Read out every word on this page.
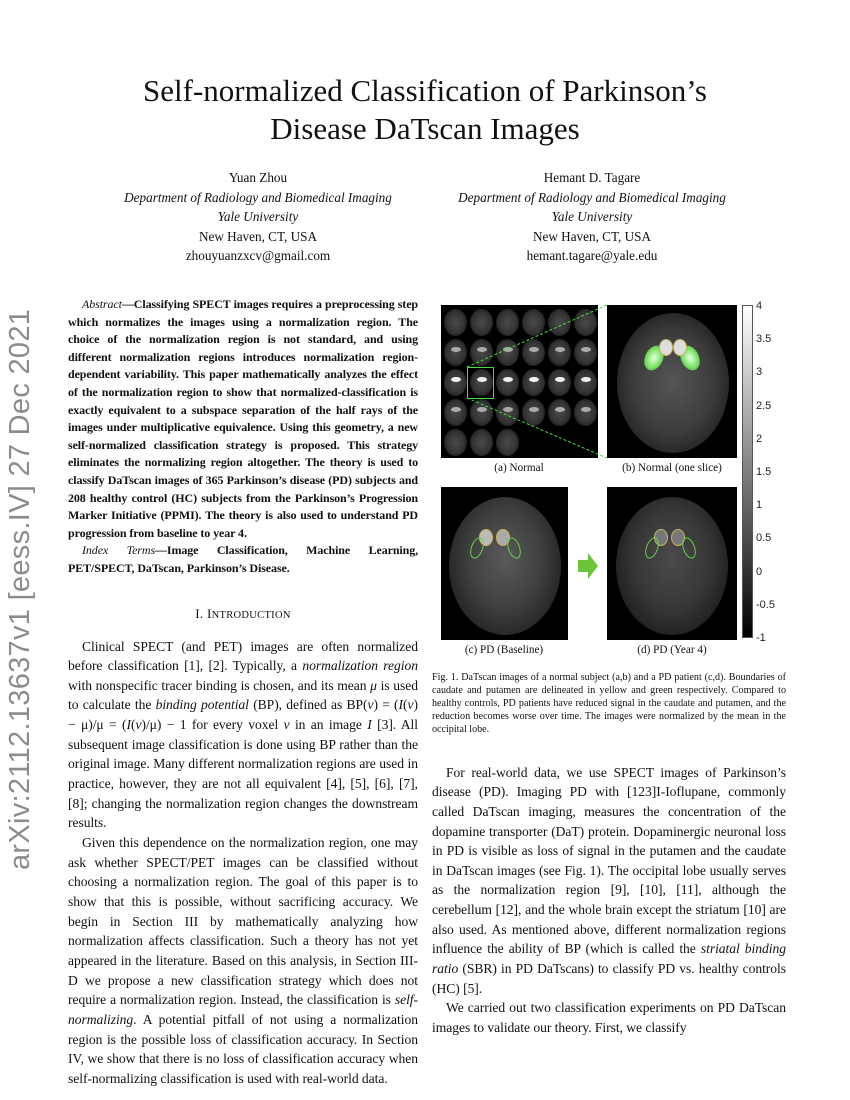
Self-normalized Classification of Parkinson’s
Disease DaTscan Images
arXiv:2112.13637v1 [eess.IV] 27 Dec 2021
Yuan Zhou
Department of Radiology and Biomedical Imaging
Yale University
New Haven, CT, USA
zhouyuanzxcv@gmail.com
Hemant D. Tagare
Department of Radiology and Biomedical Imaging
Yale University
New Haven, CT, USA
hemant.tagare@yale.edu

Abstract—Classifying SPECT images requires a preprocessing step which normalizes the images using a normalization region. The choice of the normalization region is not standard, and using different normalization regions introduces normalization region-dependent variability. This paper mathematically analyzes the effect of the normalization region to show that normalized-classification is exactly equivalent to a subspace separation of the half rays of the images under multiplicative equivalence. Using this geometry, a new self-normalized classification strategy is proposed. This strategy eliminates the normalizing region altogether. The theory is used to classify DaTscan images of 365 Parkinson’s disease (PD) subjects and 208 healthy control (HC) subjects from the Parkinson’s Progression Marker Initiative (PPMI). The theory is also used to understand PD progression from baseline to year 4.

Index Terms—Image Classification, Machine Learning, PET/SPECT, DaTscan, Parkinson’s Disease.

I. INTRODUCTION

Clinical SPECT (and PET) images are often normalized before classification [1], [2]. Typically, a normalization region with nonspecific tracer binding is chosen, and its mean μ is used to calculate the binding potential (BP), defined as BP(v) = (I(v) − μ)/μ = (I(v)/μ) − 1 for every voxel v in an image I [3]. All subsequent image classification is done using BP rather than the original image. Many different normalization regions are used in practice, however, they are not all equivalent [4], [5], [6], [7], [8]; changing the normalization region changes the downstream results.

Given this dependence on the normalization region, one may ask whether SPECT/PET images can be classified without choosing a normalization region. The goal of this paper is to show that this is possible, without sacrificing accuracy. We begin in Section III by mathematically analyzing how normalization affects classification. Such a theory has not yet appeared in the literature. Based on this analysis, in Section III-D we propose a new classification strategy which does not require a normalization region. Instead, the classification is self-normalizing. A potential pitfall of not using a normalization region is the possible loss of classification accuracy. In Section IV, we show that there is no loss of classification accuracy when self-normalizing classification is used with real-world data.

4
3.5
3
2.5
2
1.5
1
0.5
0
-0.5
-1
(a) Normal	(b) Normal (one slice)
(c) PD (Baseline)	(d) PD (Year 4)
Fig. 1. DaTscan images of a normal subject (a,b) and a PD patient (c,d). Boundaries of caudate and putamen are delineated in yellow and green respectively. Compared to healthy controls, PD patients have reduced signal in the caudate and putamen, and the reduction becomes worse over time. The images were normalized by the mean in the occipital lobe.

For real-world data, we use SPECT images of Parkinson’s disease (PD). Imaging PD with [123]I-Ioflupane, commonly called DaTscan imaging, measures the concentration of the dopamine transporter (DaT) protein. Dopaminergic neuronal loss in PD is visible as loss of signal in the putamen and the caudate in DaTscan images (see Fig. 1). The occipital lobe usually serves as the normalization region [9], [10], [11], although the cerebellum [12], and the whole brain except the striatum [10] are also used. As mentioned above, different normalization regions influence the ability of BP (which is called the striatal binding ratio (SBR) in PD DaTscans) to classify PD vs. healthy controls (HC) [5].

We carried out two classification experiments on PD DaTscan images to validate our theory. First, we classify
